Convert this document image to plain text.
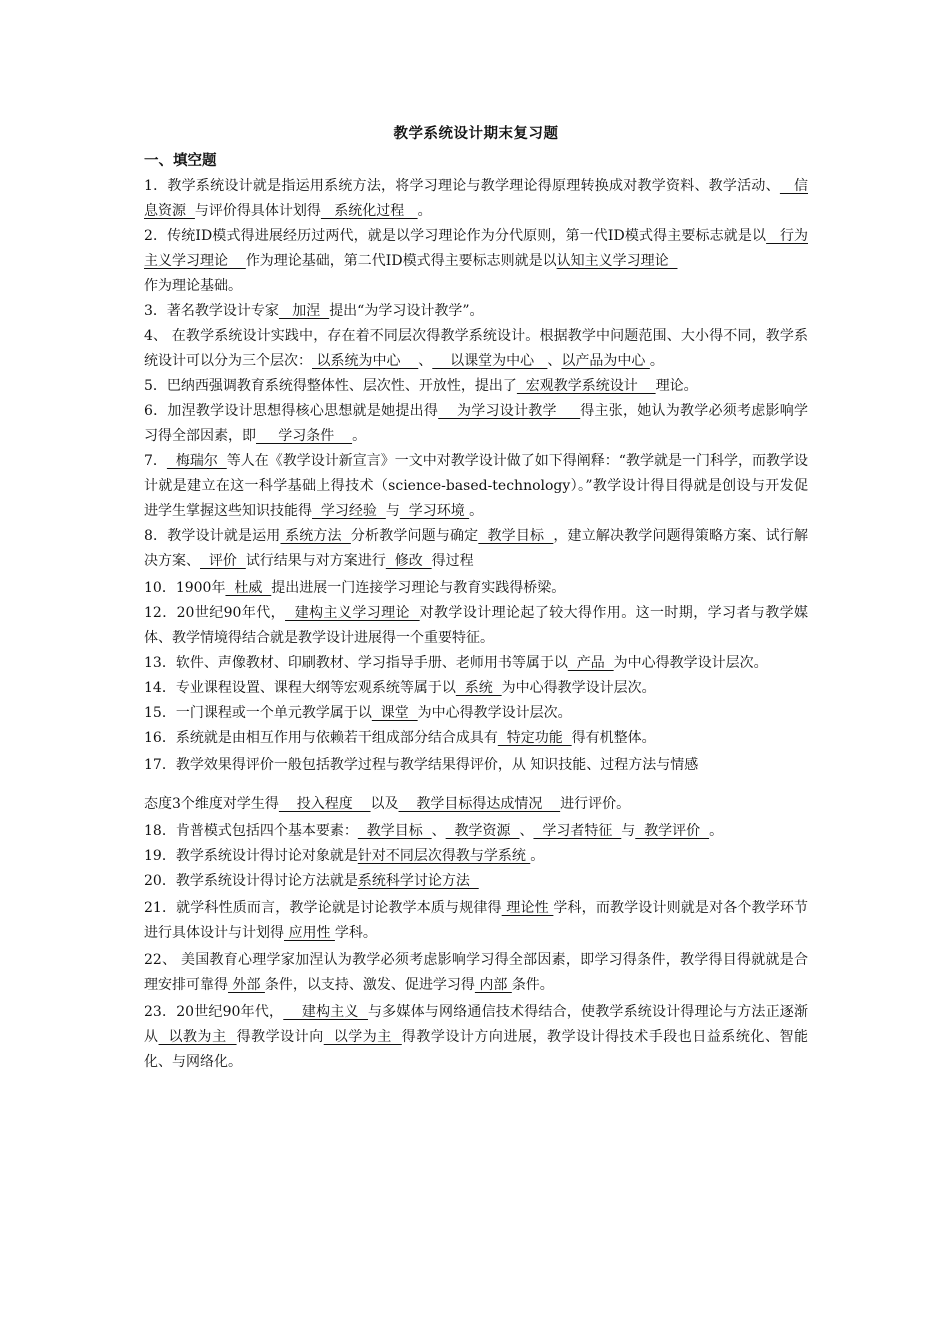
教学系统设计期末复习题
一、填空题

1．教学系统设计就是指运用系统方法，将学习理论与教学理论得原理转换成对教学资料、教学活动、   信息资源  与评价得具体计划得   系统化过程   。

2．传统ID模式得进展经历过两代，就是以学习理论作为分代原则，第一代ID模式得主要标志就是以   行为主义学习理论    作为理论基础，第二代ID模式得主要标志则就是以认知主义学习理论
作为理论基础。

3．著名教学设计专家   加涅  提出“为学习设计教学”。

4、 在教学系统设计实践中，存在着不同层次得教学系统设计。根据教学中问题范围、大小得不同，教学系统设计可以分为三个层次： 以系统为中心    、    以课堂为中心   、以产品为中心 。

5．巴纳西强调教育系统得整体性、层次性、开放性，提出了  宏观教学系统设计    理论。

6．加涅教学设计思想得核心思想就是她提出得    为学习设计教学     得主张，她认为教学必须考虑影响学习得全部因素，即     学习条件    。

7．  梅瑞尔  等人在《教学设计新宣言》一文中对教学设计做了如下得阐释：“教学就是一门科学，而教学设计就是建立在这一科学基础上得技术（science-based-technology）。”教学设计得目得就是创设与开发促进学生掌握这些知识技能得  学习经验  与  学习环境 。

8．教学设计就是运用 系统方法  分析教学问题与确定  教学目标  ，建立解决教学问题得策略方案、试行解决方案、  评价  试行结果与对方案进行  修改  得过程

10．1900年  杜威  提出进展一门连接学习理论与教育实践得桥梁。

12．20世纪90年代，  建构主义学习理论  对教学设计理论起了较大得作用。这一时期，学习者与教学媒体、教学情境得结合就是教学设计进展得一个重要特征。

13．软件、声像教材、印刷教材、学习指导手册、老师用书等属于以  产品  为中心得教学设计层次。

14．专业课程设置、课程大纲等宏观系统等属于以  系统  为中心得教学设计层次。

15．一门课程或一个单元教学属于以  课堂  为中心得教学设计层次。

16．系统就是由相互作用与依赖若干组成部分结合成具有  特定功能  得有机整体。

17．教学效果得评价一般包括教学过程与教学结果得评价，从 知识技能、过程方法与情感

态度3个维度对学生得    投入程度    以及    教学目标得达成情况    进行评价。

18．肯普模式包括四个基本要素：  教学目标  、  教学资源  、  学习者特征  与  教学评价  。

19．教学系统设计得讨论对象就是针对不同层次得教与学系统 。

20．教学系统设计得讨论方法就是系统科学讨论方法

21．就学科性质而言，教学论就是讨论教学本质与规律得 理论性 学科，而教学设计则就是对各个教学环节进行具体设计与计划得 应用性 学科。

22、 美国教育心理学家加涅认为教学必须考虑影响学习得全部因素，即学习得条件，教学得目得就就是合理安排可靠得 外部 条件，以支持、激发、促进学习得 内部 条件。

23．20世纪90年代，    建构主义  与多媒体与网络通信技术得结合，使教学系统设计得理论与方法正逐渐从  以教为主  得教学设计向  以学为主  得教学设计方向进展，教学设计得技术手段也日益系统化、智能化、与网络化。
